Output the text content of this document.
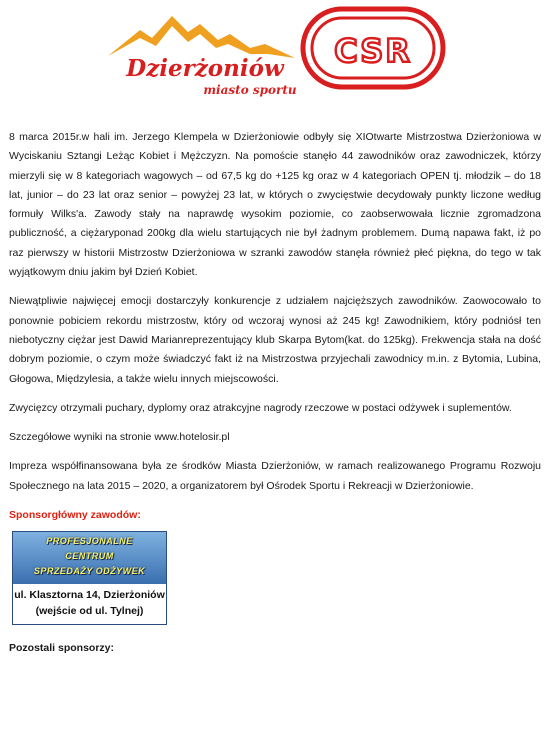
Dzierżoniów
miasto sportu
CSR

8 marca 2015r.w hali im. Jerzego Klempela w Dzierżoniowie odbyły się XIOtwarte Mistrzostwa Dzierżoniowa w Wyciskaniu Sztangi Leżąc Kobiet i Mężczyzn. Na pomoście stanęło 44 zawodników oraz zawodniczek, którzy mierzyli się w 8 kategoriach wagowych – od 67,5 kg do +125 kg oraz w 4 kategoriach OPEN tj. młodzik – do 18 lat, junior – do 23 lat oraz senior – powyżej 23 lat, w których o zwycięstwie decydowały punkty liczone według formuły Wilks'a. Zawody stały na naprawdę wysokim poziomie, co zaobserwowała licznie zgromadzona publiczność, a ciężaryponad 200kg dla wielu startujących nie był żadnym problemem. Dumą napawa fakt, iż po raz pierwszy w historii Mistrzostw Dzierżoniowa w szranki zawodów stanęła również płeć piękna, do tego w tak wyjątkowym dniu jakim był Dzień Kobiet.

Niewątpliwie najwięcej emocji dostarczyły konkurencje z udziałem najcięższych zawodników. Zaowocowało to ponownie pobiciem rekordu mistrzostw, który od wczoraj wynosi aż 245 kg! Zawodnikiem, który podniósł ten niebotyczny ciężar jest Dawid Marianreprezentujący klub Skarpa Bytom(kat. do 125kg). Frekwencja stała na dość dobrym poziomie, o czym może świadczyć fakt iż na Mistrzostwa przyjechali zawodnicy m.in. z Bytomia, Lubina, Głogowa, Międzylesia, a także wielu innych miejscowości.

Zwycięzcy otrzymali puchary, dyplomy oraz atrakcyjne nagrody rzeczowe w postaci odżywek i suplementów.

Szczegółowe wyniki na stronie www.hotelosir.pl

Impreza współfinansowana była ze środków Miasta Dzierżoniów, w ramach realizowanego Programu Rozwoju Społecznego na lata 2015 – 2020, a organizatorem był Ośrodek Sportu i Rekreacji w Dzierżoniowie.

Sponsorgłówny zawodów:
PROFESJONALNE
CENTRUM
SPRZEDAŻY ODŻYWEK
ul. Klasztorna 14, Dzierżoniów
(wejście od ul. Tylnej)
Pozostali sponsorzy:
